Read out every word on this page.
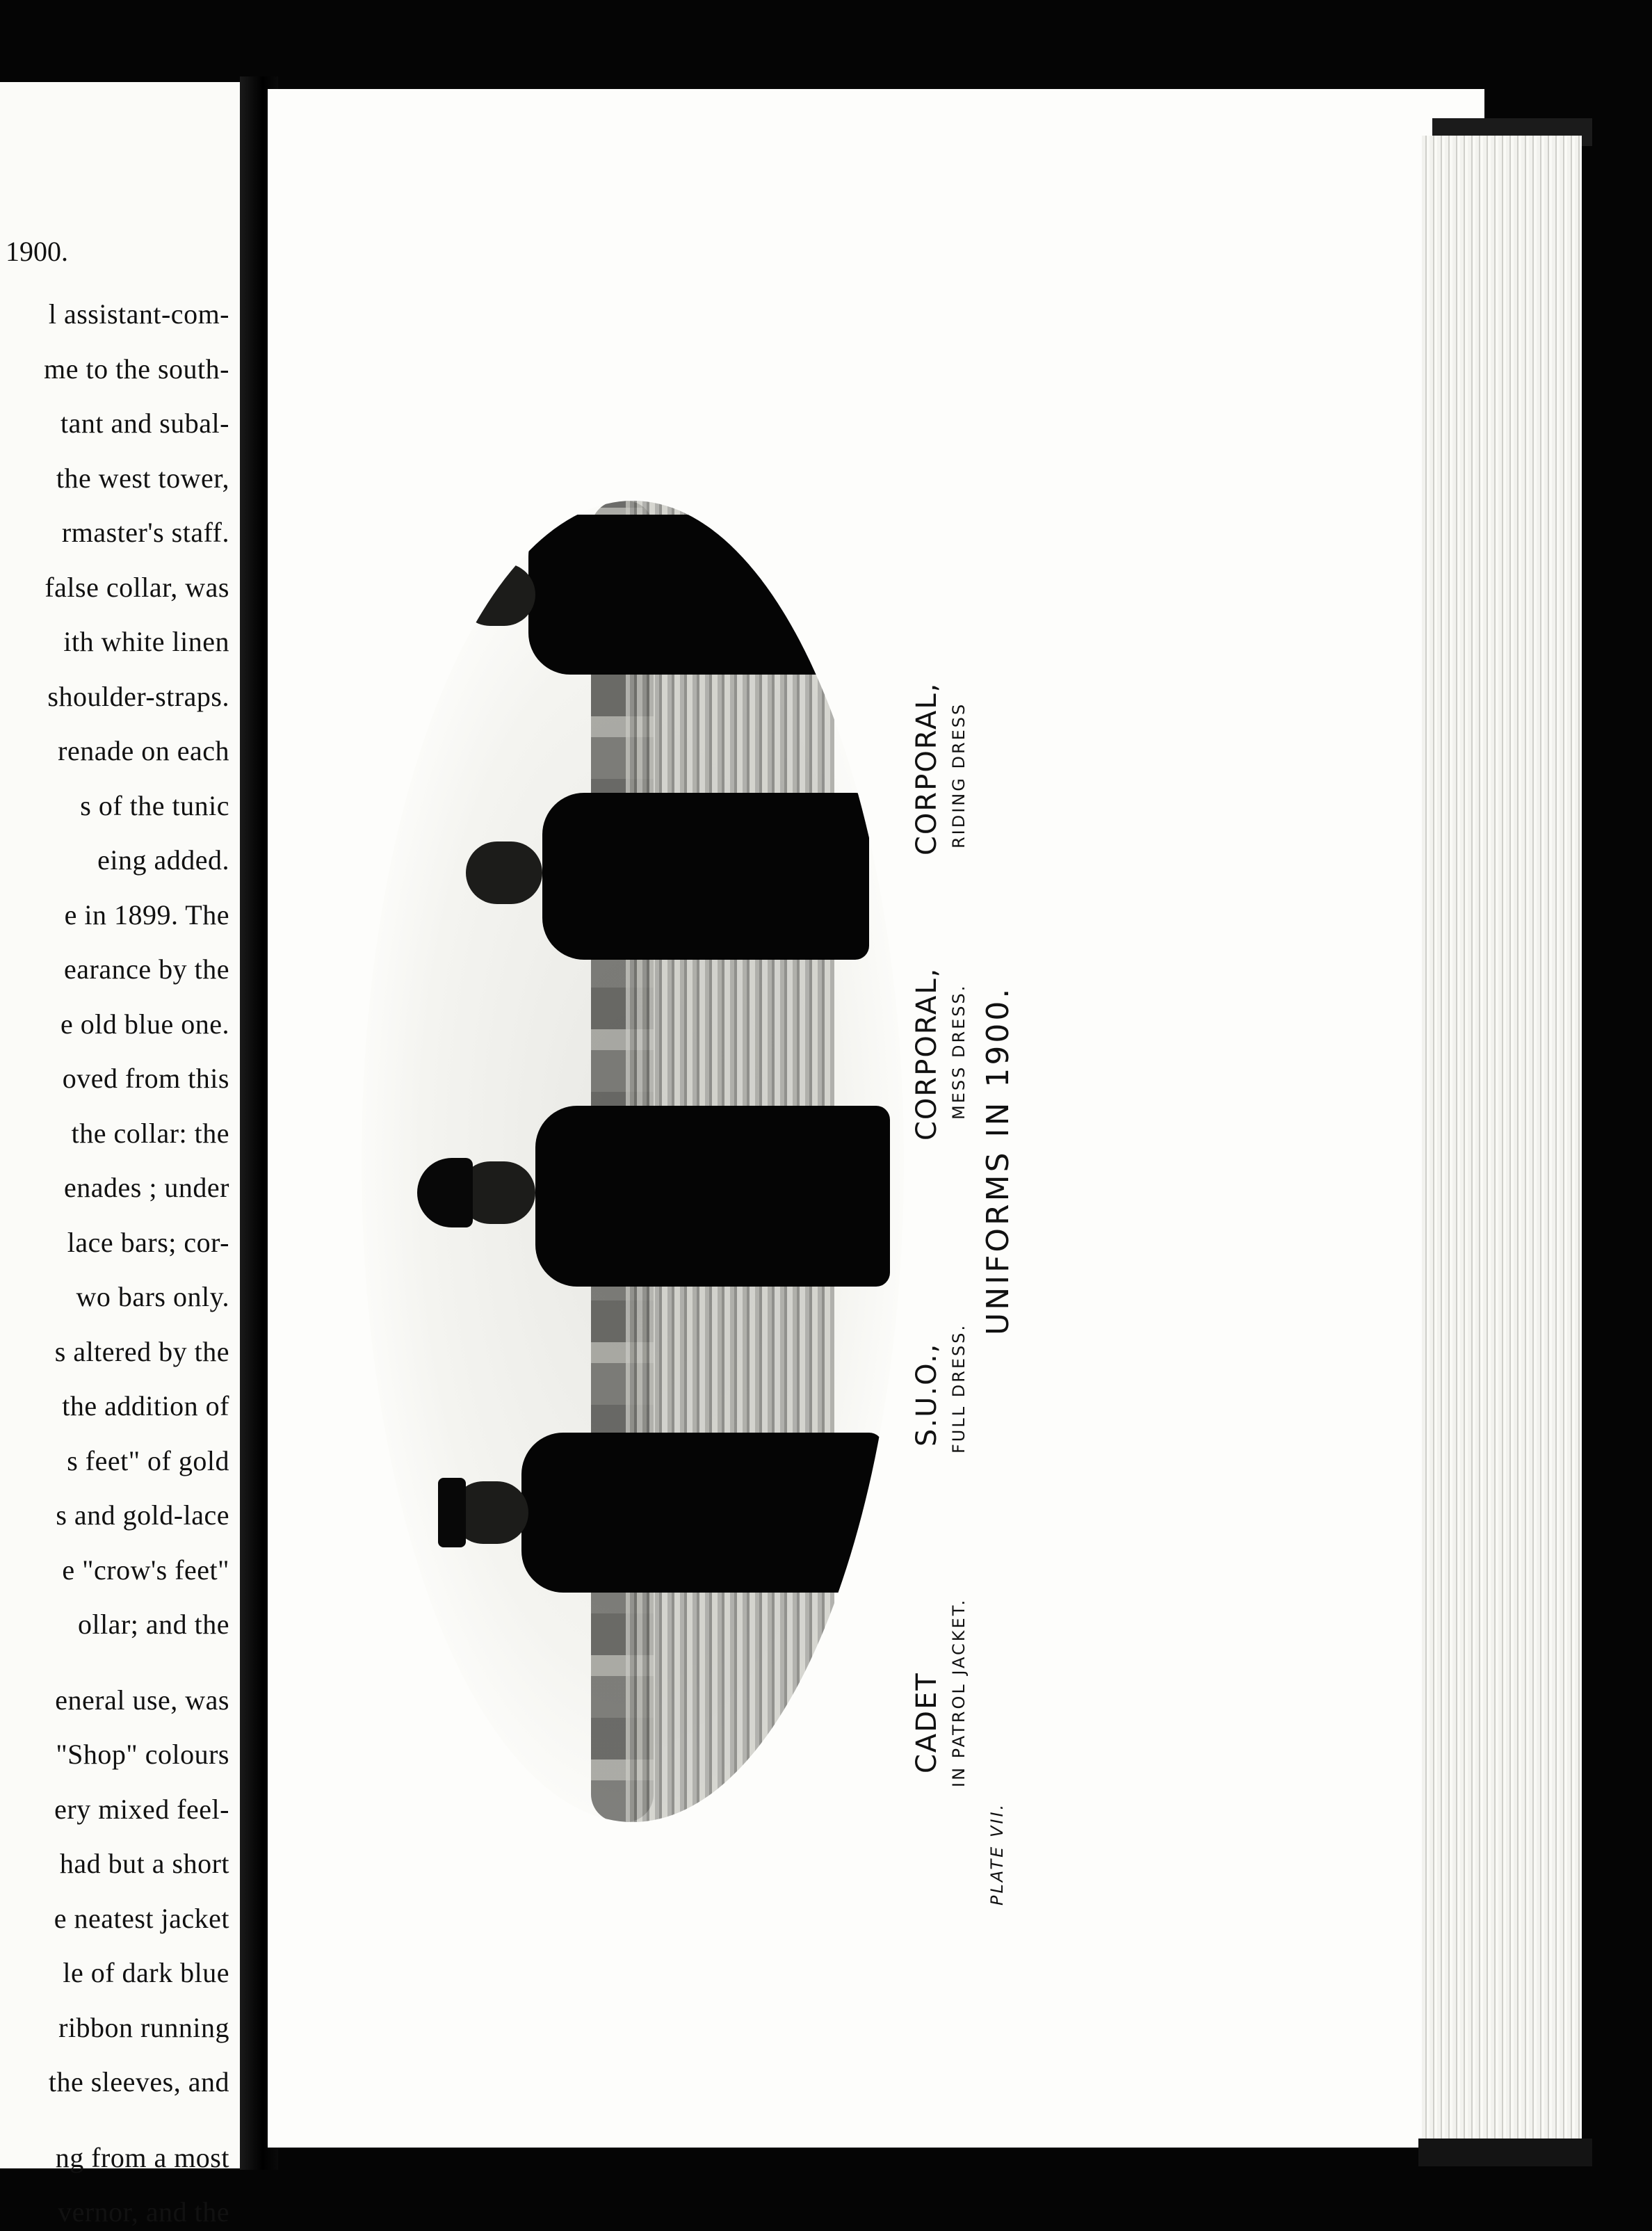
1900.
l assistant-com-
me to the south-
tant and subal-
the west tower,
rmaster's staff.
false collar, was
ith white linen
shoulder-straps.
renade on each
s of the tunic
eing added.
e in 1899. The
earance by the
e old blue one.
oved from this
the collar: the
enades ; under
lace bars; cor-
wo bars only.
s altered by the
the addition of
s feet" of gold
s and gold-lace
e "crow's feet"
ollar; and the
eneral use, was
"Shop" colours
ery mixed feel-
had but a short
e neatest jacket
le of dark blue
ribbon running
the sleeves, and
ng from a most
vernor, and the
CADET IN PATROL JACKET.
S.U.O., FULL DRESS.
CORPORAL, MESS DRESS.
CORPORAL, RIDING DRESS
UNIFORMS IN 1900.
PLATE VII.
